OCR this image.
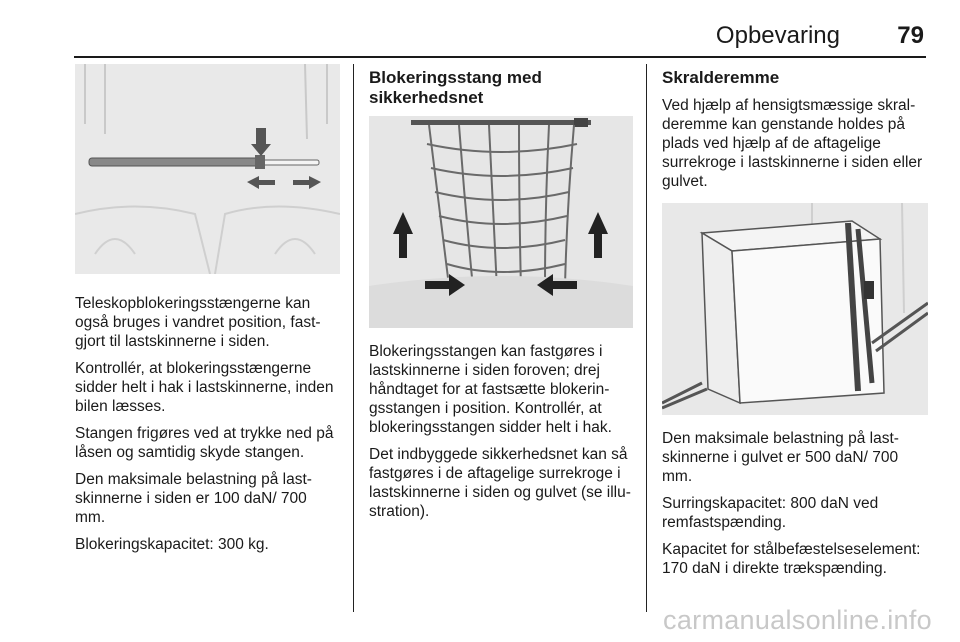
Opbevaring 79

Teleskopblokeringsstængerne kan også bruges i vandret position, fastgjort til lastskinnerne i siden.

Kontrollér, at blokeringsstængerne sidder helt i hak i lastskinnerne, inden bilen læsses.

Stangen frigøres ved at trykke ned på låsen og samtidig skyde stangen.

Den maksimale belastning på lastskinnerne i siden er 100 daN/ 700 mm.

Blokeringskapacitet: 300 kg.

Blokeringsstang med sikkerhedsnet

Blokeringsstangen kan fastgøres i lastskinnerne i siden foroven; drej håndtaget for at fastsætte blokeringsstangen i position. Kontrollér, at blokeringsstangen sidder helt i hak.

Det indbyggede sikkerhedsnet kan så fastgøres i de aftagelige surrekroge i lastskinnerne i siden og gulvet (se illustration).

Skralderemme

Ved hjælp af hensigtsmæssige skralderemme kan genstande holdes på plads ved hjælp af de aftagelige surrekroge i lastskinnerne i siden eller gulvet.

Den maksimale belastning på lastskinnerne i gulvet er 500 daN/ 700 mm.

Surringskapacitet: 800 daN ved remfastspænding.

Kapacitet for stålbefæstelseselement: 170 daN i direkte trækspænding.

carmanualsonline.info
